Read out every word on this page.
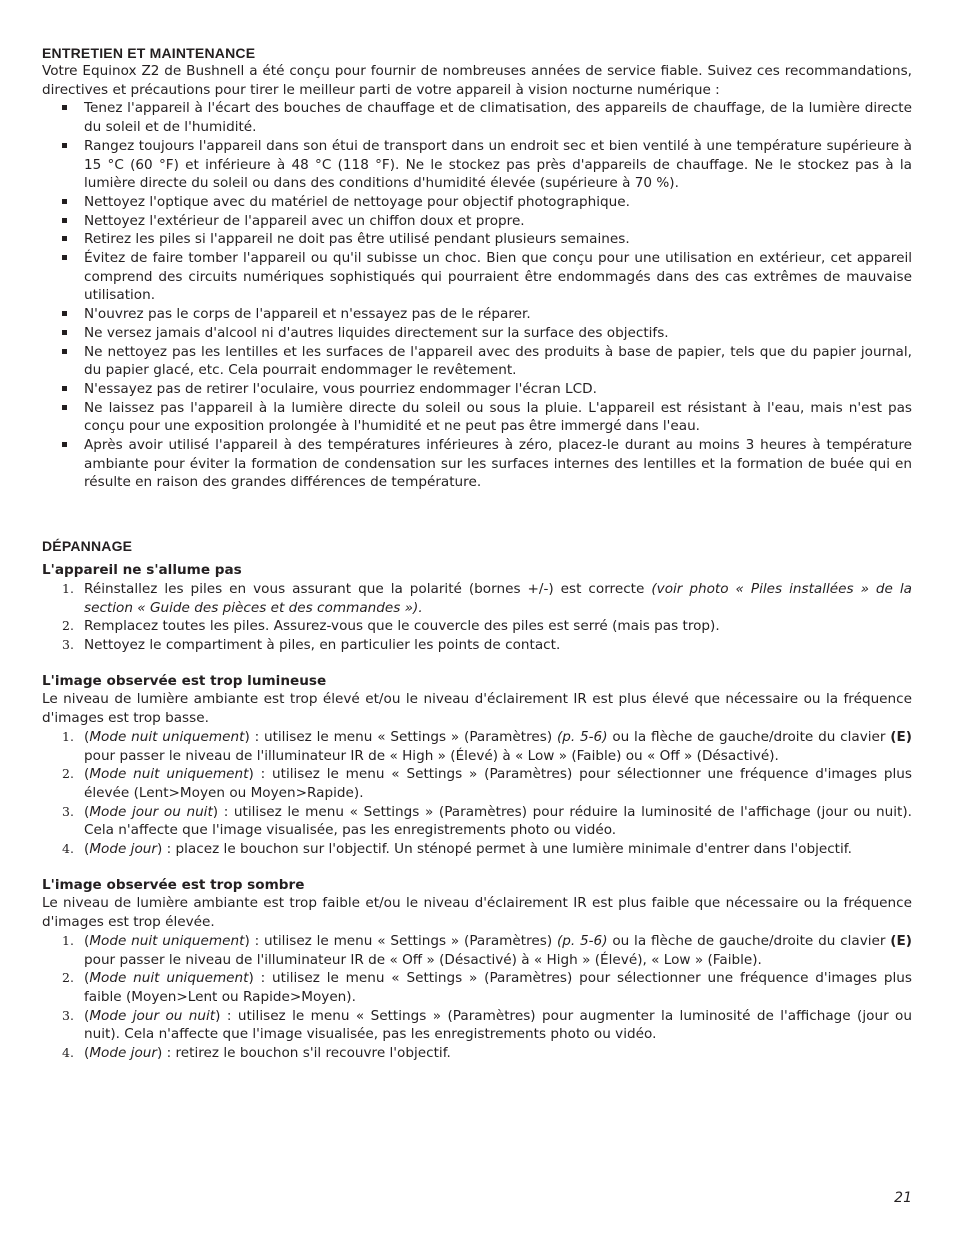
ENTRETIEN ET MAINTENANCE

Votre Equinox Z2 de Bushnell a été conçu pour fournir de nombreuses années de service fiable. Suivez ces recommandations, directives et précautions pour tirer le meilleur parti de votre appareil à vision nocturne numérique :

Tenez l'appareil à l'écart des bouches de chauffage et de climatisation, des appareils de chauffage, de la lumière directe du soleil et de l'humidité.
Rangez toujours l'appareil dans son étui de transport dans un endroit sec et bien ventilé à une température supérieure à 15 °C (60 °F) et inférieure à 48 °C (118 °F). Ne le stockez pas près d'appareils de chauffage. Ne le stockez pas à la lumière directe du soleil ou dans des conditions d'humidité élevée (supérieure à 70 %).
Nettoyez l'optique avec du matériel de nettoyage pour objectif photographique.
Nettoyez l'extérieur de l'appareil avec un chiffon doux et propre.
Retirez les piles si l'appareil ne doit pas être utilisé pendant plusieurs semaines.
Évitez de faire tomber l'appareil ou qu'il subisse un choc. Bien que conçu pour une utilisation en extérieur, cet appareil comprend des circuits numériques sophistiqués qui pourraient être endommagés dans des cas extrêmes de mauvaise utilisation.
N'ouvrez pas le corps de l'appareil et n'essayez pas de le réparer.
Ne versez jamais d'alcool ni d'autres liquides directement sur la surface des objectifs.
Ne nettoyez pas les lentilles et les surfaces de l'appareil avec des produits à base de papier, tels que du papier journal, du papier glacé, etc. Cela pourrait endommager le revêtement.
N'essayez pas de retirer l'oculaire, vous pourriez endommager l'écran LCD.
Ne laissez pas l'appareil à la lumière directe du soleil ou sous la pluie. L'appareil est résistant à l'eau, mais n'est pas conçu pour une exposition prolongée à l'humidité et ne peut pas être immergé dans l'eau.
Après avoir utilisé l'appareil à des températures inférieures à zéro, placez-le durant au moins 3 heures à température ambiante pour éviter la formation de condensation sur les surfaces internes des lentilles et la formation de buée qui en résulte en raison des grandes différences de température.
DÉPANNAGE
L'appareil ne s'allume pas
1. Réinstallez les piles en vous assurant que la polarité (bornes +/-) est correcte (voir photo « Piles installées » de la section « Guide des pièces et des commandes »).
2. Remplacez toutes les piles. Assurez-vous que le couvercle des piles est serré (mais pas trop).
3. Nettoyez le compartiment à piles, en particulier les points de contact.
L'image observée est trop lumineuse

Le niveau de lumière ambiante est trop élevé et/ou le niveau d'éclairement IR est plus élevé que nécessaire ou la fréquence d'images est trop basse.

1. (Mode nuit uniquement) : utilisez le menu « Settings » (Paramètres) (p. 5-6) ou la flèche de gauche/droite du clavier (E) pour passer le niveau de l'illuminateur IR de « High » (Élevé) à « Low » (Faible) ou « Off » (Désactivé).
2. (Mode nuit uniquement) : utilisez le menu « Settings » (Paramètres) pour sélectionner une fréquence d'images plus élevée (Lent>Moyen ou Moyen>Rapide).
3. (Mode jour ou nuit) : utilisez le menu « Settings » (Paramètres) pour réduire la luminosité de l'affichage (jour ou nuit). Cela n'affecte que l'image visualisée, pas les enregistrements photo ou vidéo.
4. (Mode jour) : placez le bouchon sur l'objectif. Un sténopé permet à une lumière minimale d'entrer dans l'objectif.
L'image observée est trop sombre

Le niveau de lumière ambiante est trop faible et/ou le niveau d'éclairement IR est plus faible que nécessaire ou la fréquence d'images est trop élevée.

1. (Mode nuit uniquement) : utilisez le menu « Settings » (Paramètres) (p. 5-6) ou la flèche de gauche/droite du clavier (E) pour passer le niveau de l'illuminateur IR de « Off » (Désactivé) à « High » (Élevé), « Low » (Faible).
2. (Mode nuit uniquement) : utilisez le menu « Settings » (Paramètres) pour sélectionner une fréquence d'images plus faible (Moyen>Lent ou Rapide>Moyen).
3. (Mode jour ou nuit) : utilisez le menu « Settings » (Paramètres) pour augmenter la luminosité de l'affichage (jour ou nuit). Cela n'affecte que l'image visualisée, pas les enregistrements photo ou vidéo.
4. (Mode jour) : retirez le bouchon s'il recouvre l'objectif.
21
